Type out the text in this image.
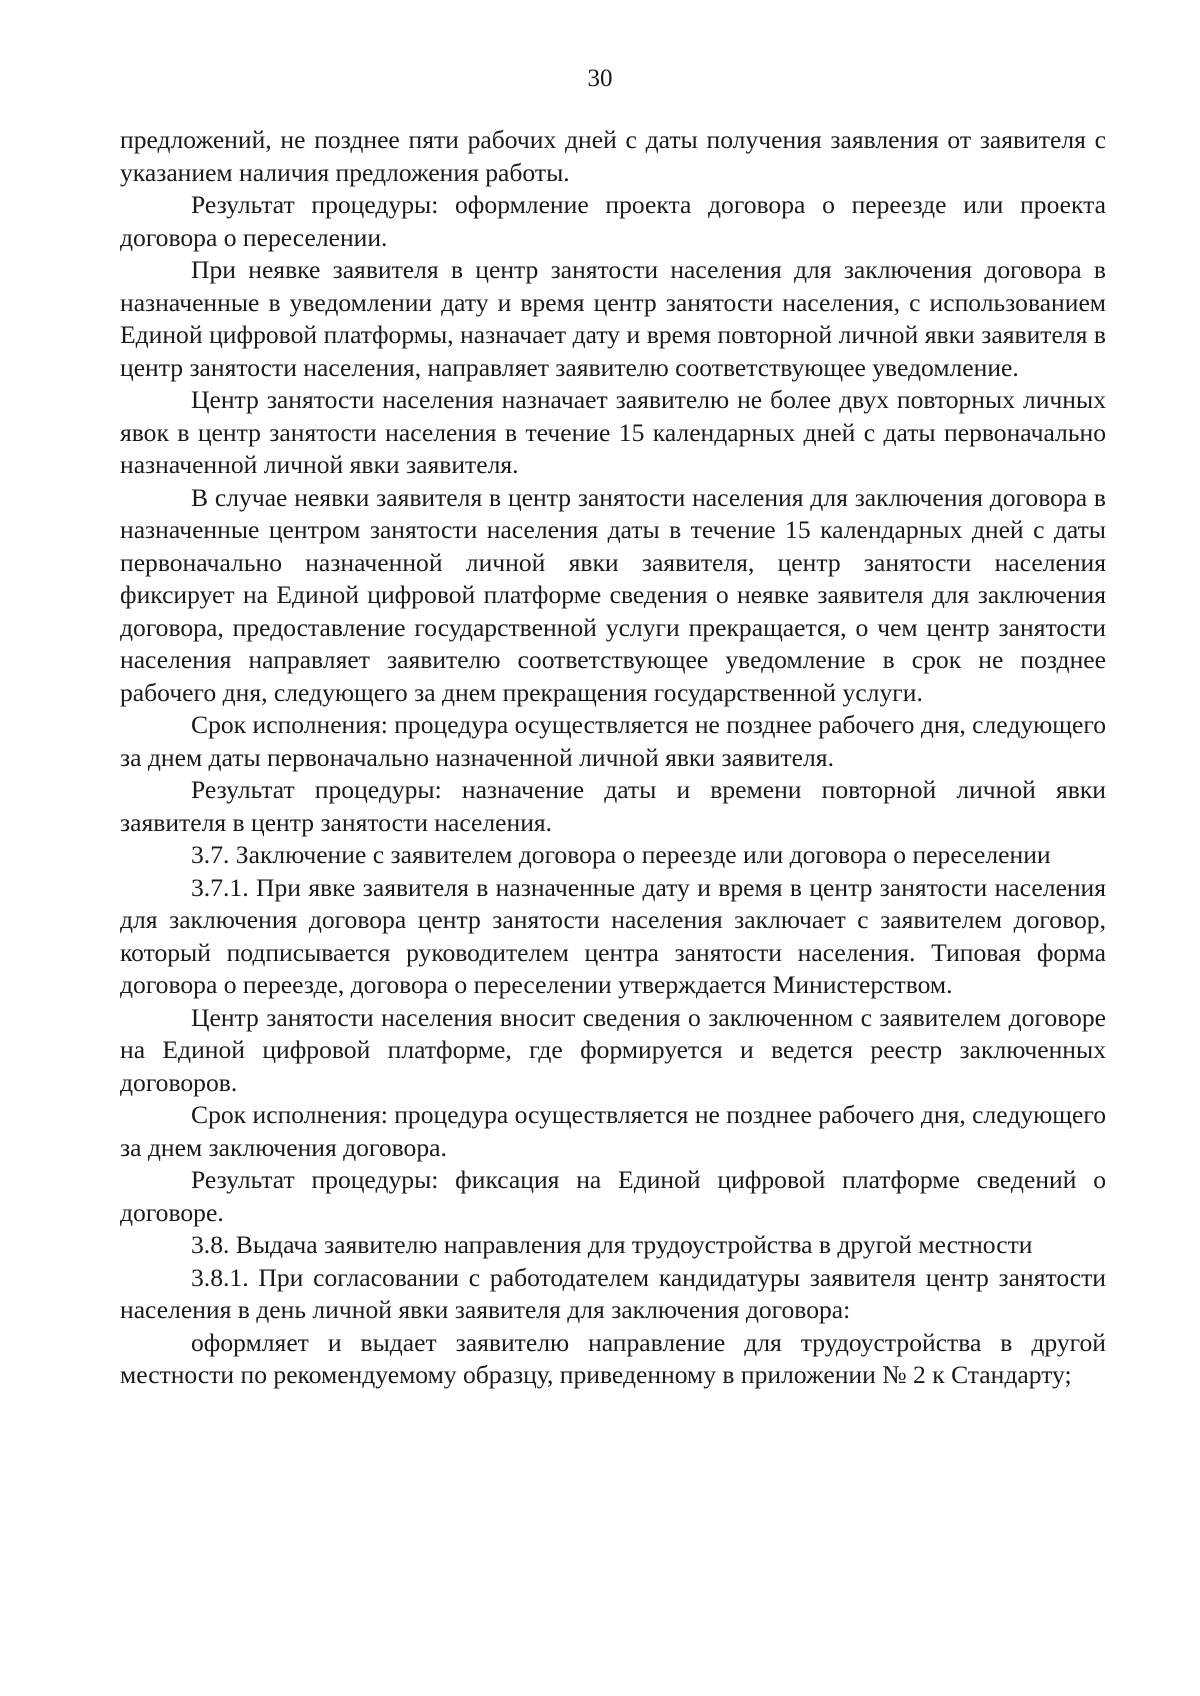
30

предложений, не позднее пяти рабочих дней с даты получения заявления от заявителя с указанием наличия предложения работы.

Результат процедуры: оформление проекта договора о переезде или проекта договора о переселении.

При неявке заявителя в центр занятости населения для заключения договора в назначенные в уведомлении дату и время центр занятости населения, с использованием Единой цифровой платформы, назначает дату и время повторной личной явки заявителя в центр занятости населения, направляет заявителю соответствующее уведомление.

Центр занятости населения назначает заявителю не более двух повторных личных явок в центр занятости населения в течение 15 календарных дней с даты первоначально назначенной личной явки заявителя.

В случае неявки заявителя в центр занятости населения для заключения договора в назначенные центром занятости населения даты в течение 15 календарных дней с даты первоначально назначенной личной явки заявителя, центр занятости населения фиксирует на Единой цифровой платформе сведения о неявке заявителя для заключения договора, предоставление государственной услуги прекращается, о чем центр занятости населения направляет заявителю соответствующее уведомление в срок не позднее рабочего дня, следующего за днем прекращения государственной услуги.

Срок исполнения: процедура осуществляется не позднее рабочего дня, следующего за днем даты первоначально назначенной личной явки заявителя.

Результат процедуры: назначение даты и времени повторной личной явки заявителя в центр занятости населения.

3.7. Заключение с заявителем договора о переезде или договора о переселении

3.7.1. При явке заявителя в назначенные дату и время в центр занятости населения для заключения договора центр занятости населения заключает с заявителем договор, который подписывается руководителем центра занятости населения. Типовая форма договора о переезде, договора о переселении утверждается Министерством.

Центр занятости населения вносит сведения о заключенном с заявителем договоре на Единой цифровой платформе, где формируется и ведется реестр заключенных договоров.

Срок исполнения: процедура осуществляется не позднее рабочего дня, следующего за днем заключения договора.

Результат процедуры: фиксация на Единой цифровой платформе сведений о договоре.

3.8. Выдача заявителю направления для трудоустройства в другой местности

3.8.1. При согласовании с работодателем кандидатуры заявителя центр занятости населения в день личной явки заявителя для заключения договора:

оформляет и выдает заявителю направление для трудоустройства в другой местности по рекомендуемому образцу, приведенному в приложении № 2 к Стандарту;
